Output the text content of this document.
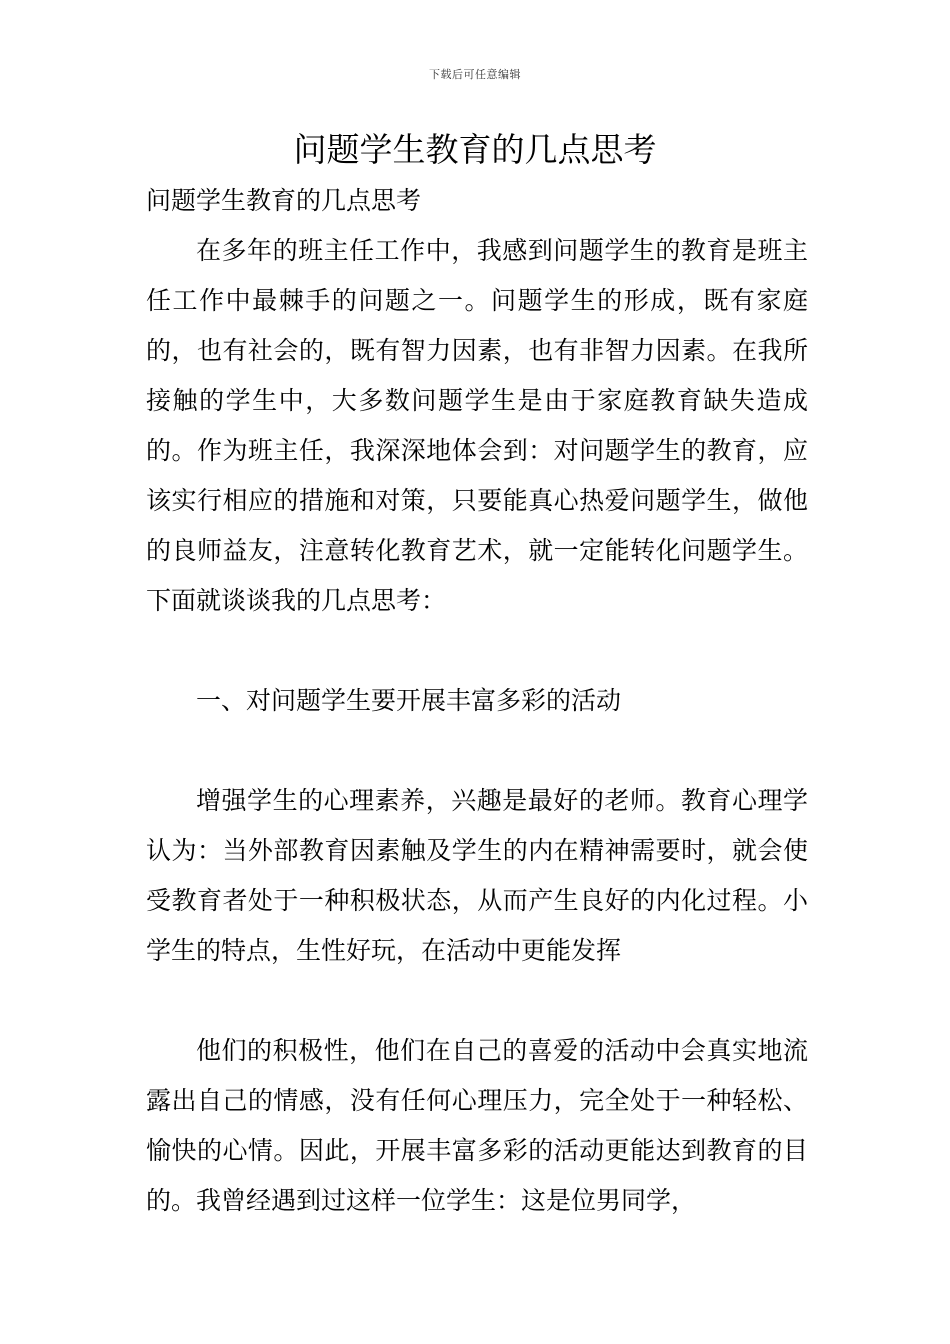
下载后可任意编辑
问题学生教育的几点思考

问题学生教育的几点思考

在多年的班主任工作中，我感到问题学生的教育是班主任工作中最棘手的问题之一。问题学生的形成，既有家庭的，也有社会的，既有智力因素，也有非智力因素。在我所接触的学生中，大多数问题学生是由于家庭教育缺失造成的。作为班主任，我深深地体会到：对问题学生的教育，应该实行相应的措施和对策，只要能真心热爱问题学生，做他的良师益友，注意转化教育艺术，就一定能转化问题学生。下面就谈谈我的几点思考：

一、对问题学生要开展丰富多彩的活动

增强学生的心理素养，兴趣是最好的老师。教育心理学认为：当外部教育因素触及学生的内在精神需要时，就会使受教育者处于一种积极状态，从而产生良好的内化过程。小学生的特点，生性好玩，在活动中更能发挥

他们的积极性，他们在自己的喜爱的活动中会真实地流露出自己的情感，没有任何心理压力，完全处于一种轻松、愉快的心情。因此，开展丰富多彩的活动更能达到教育的目的。我曾经遇到过这样一位学生：这是位男同学，
